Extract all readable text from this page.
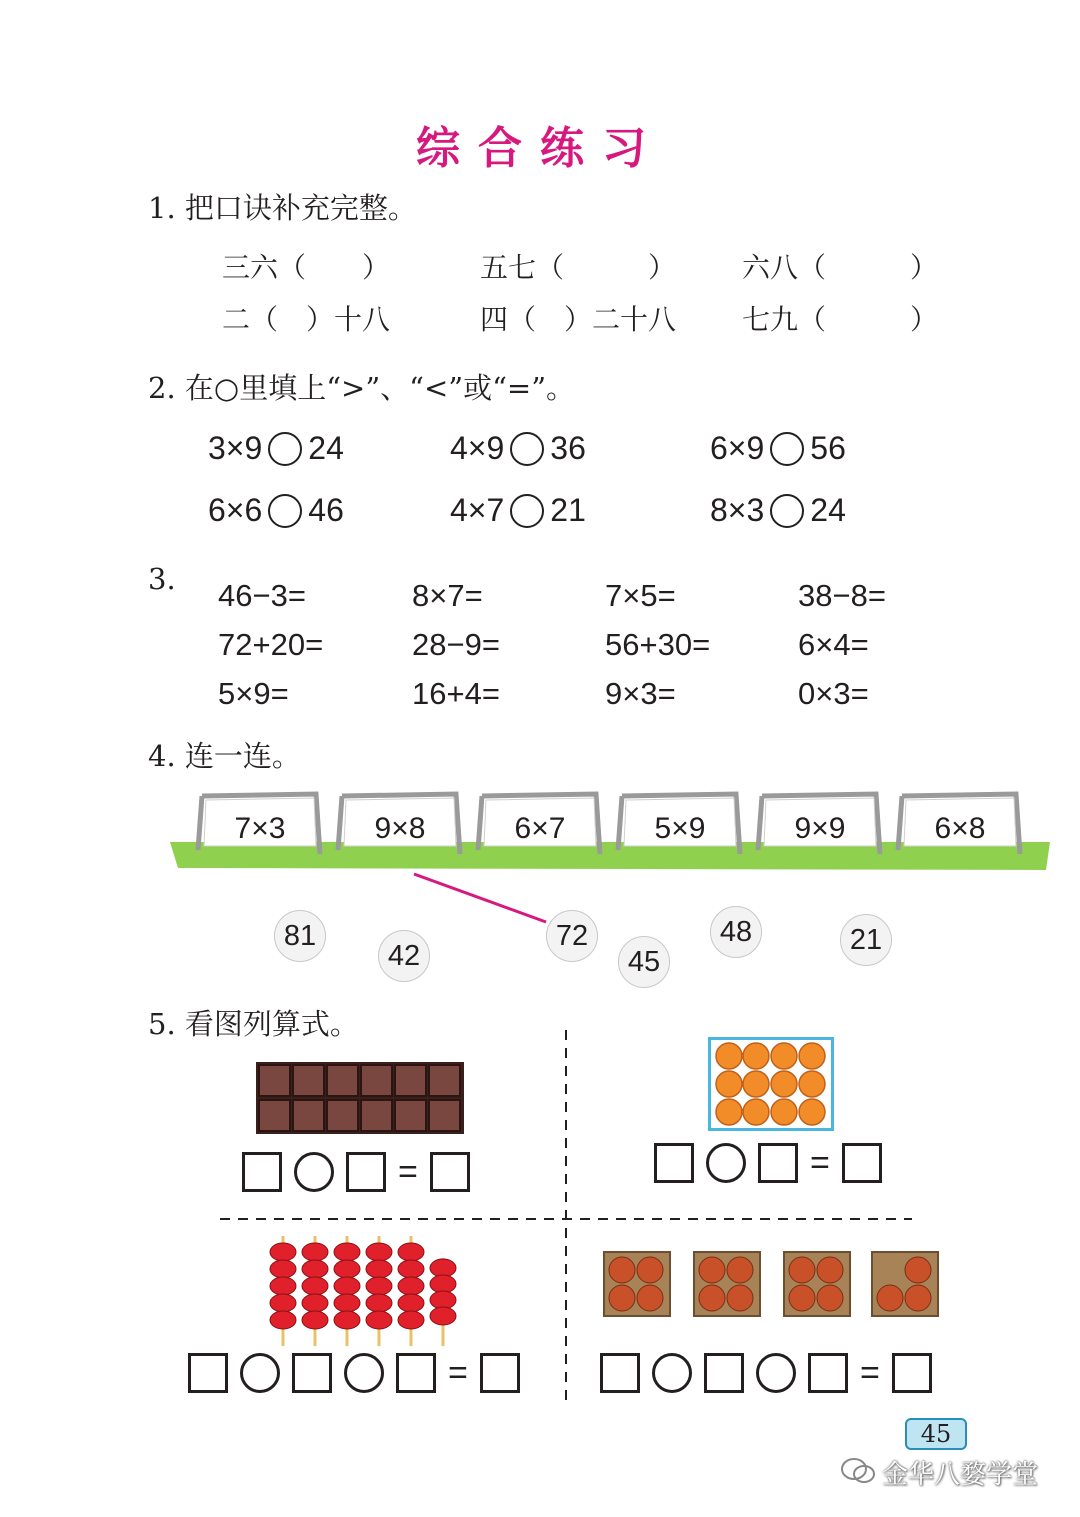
综合练习
1. 把口诀补充完整。
三六（　　）	五七（　　　） 六八（　　　）
二（　）十八	四（　）二十八 七九（　　　）
2. 在○里填上“>”、“<”或“=”。
3×9 24	4×9 36	6×9 56
6×6 46	4×7 21	8×3 24
3. 46−3=	8×7=	7×5=	38−8=
72+20=	28−9=	56+30=	6×4=
5×9=	16+4=	9×3=	0×3=
4. 连一连。
7×3	9×8	6×7	5×9	9×9	6×8
81
42
72
45
48	21
5. 看图列算式。
=	=
=	=
45
金华八婺学堂
